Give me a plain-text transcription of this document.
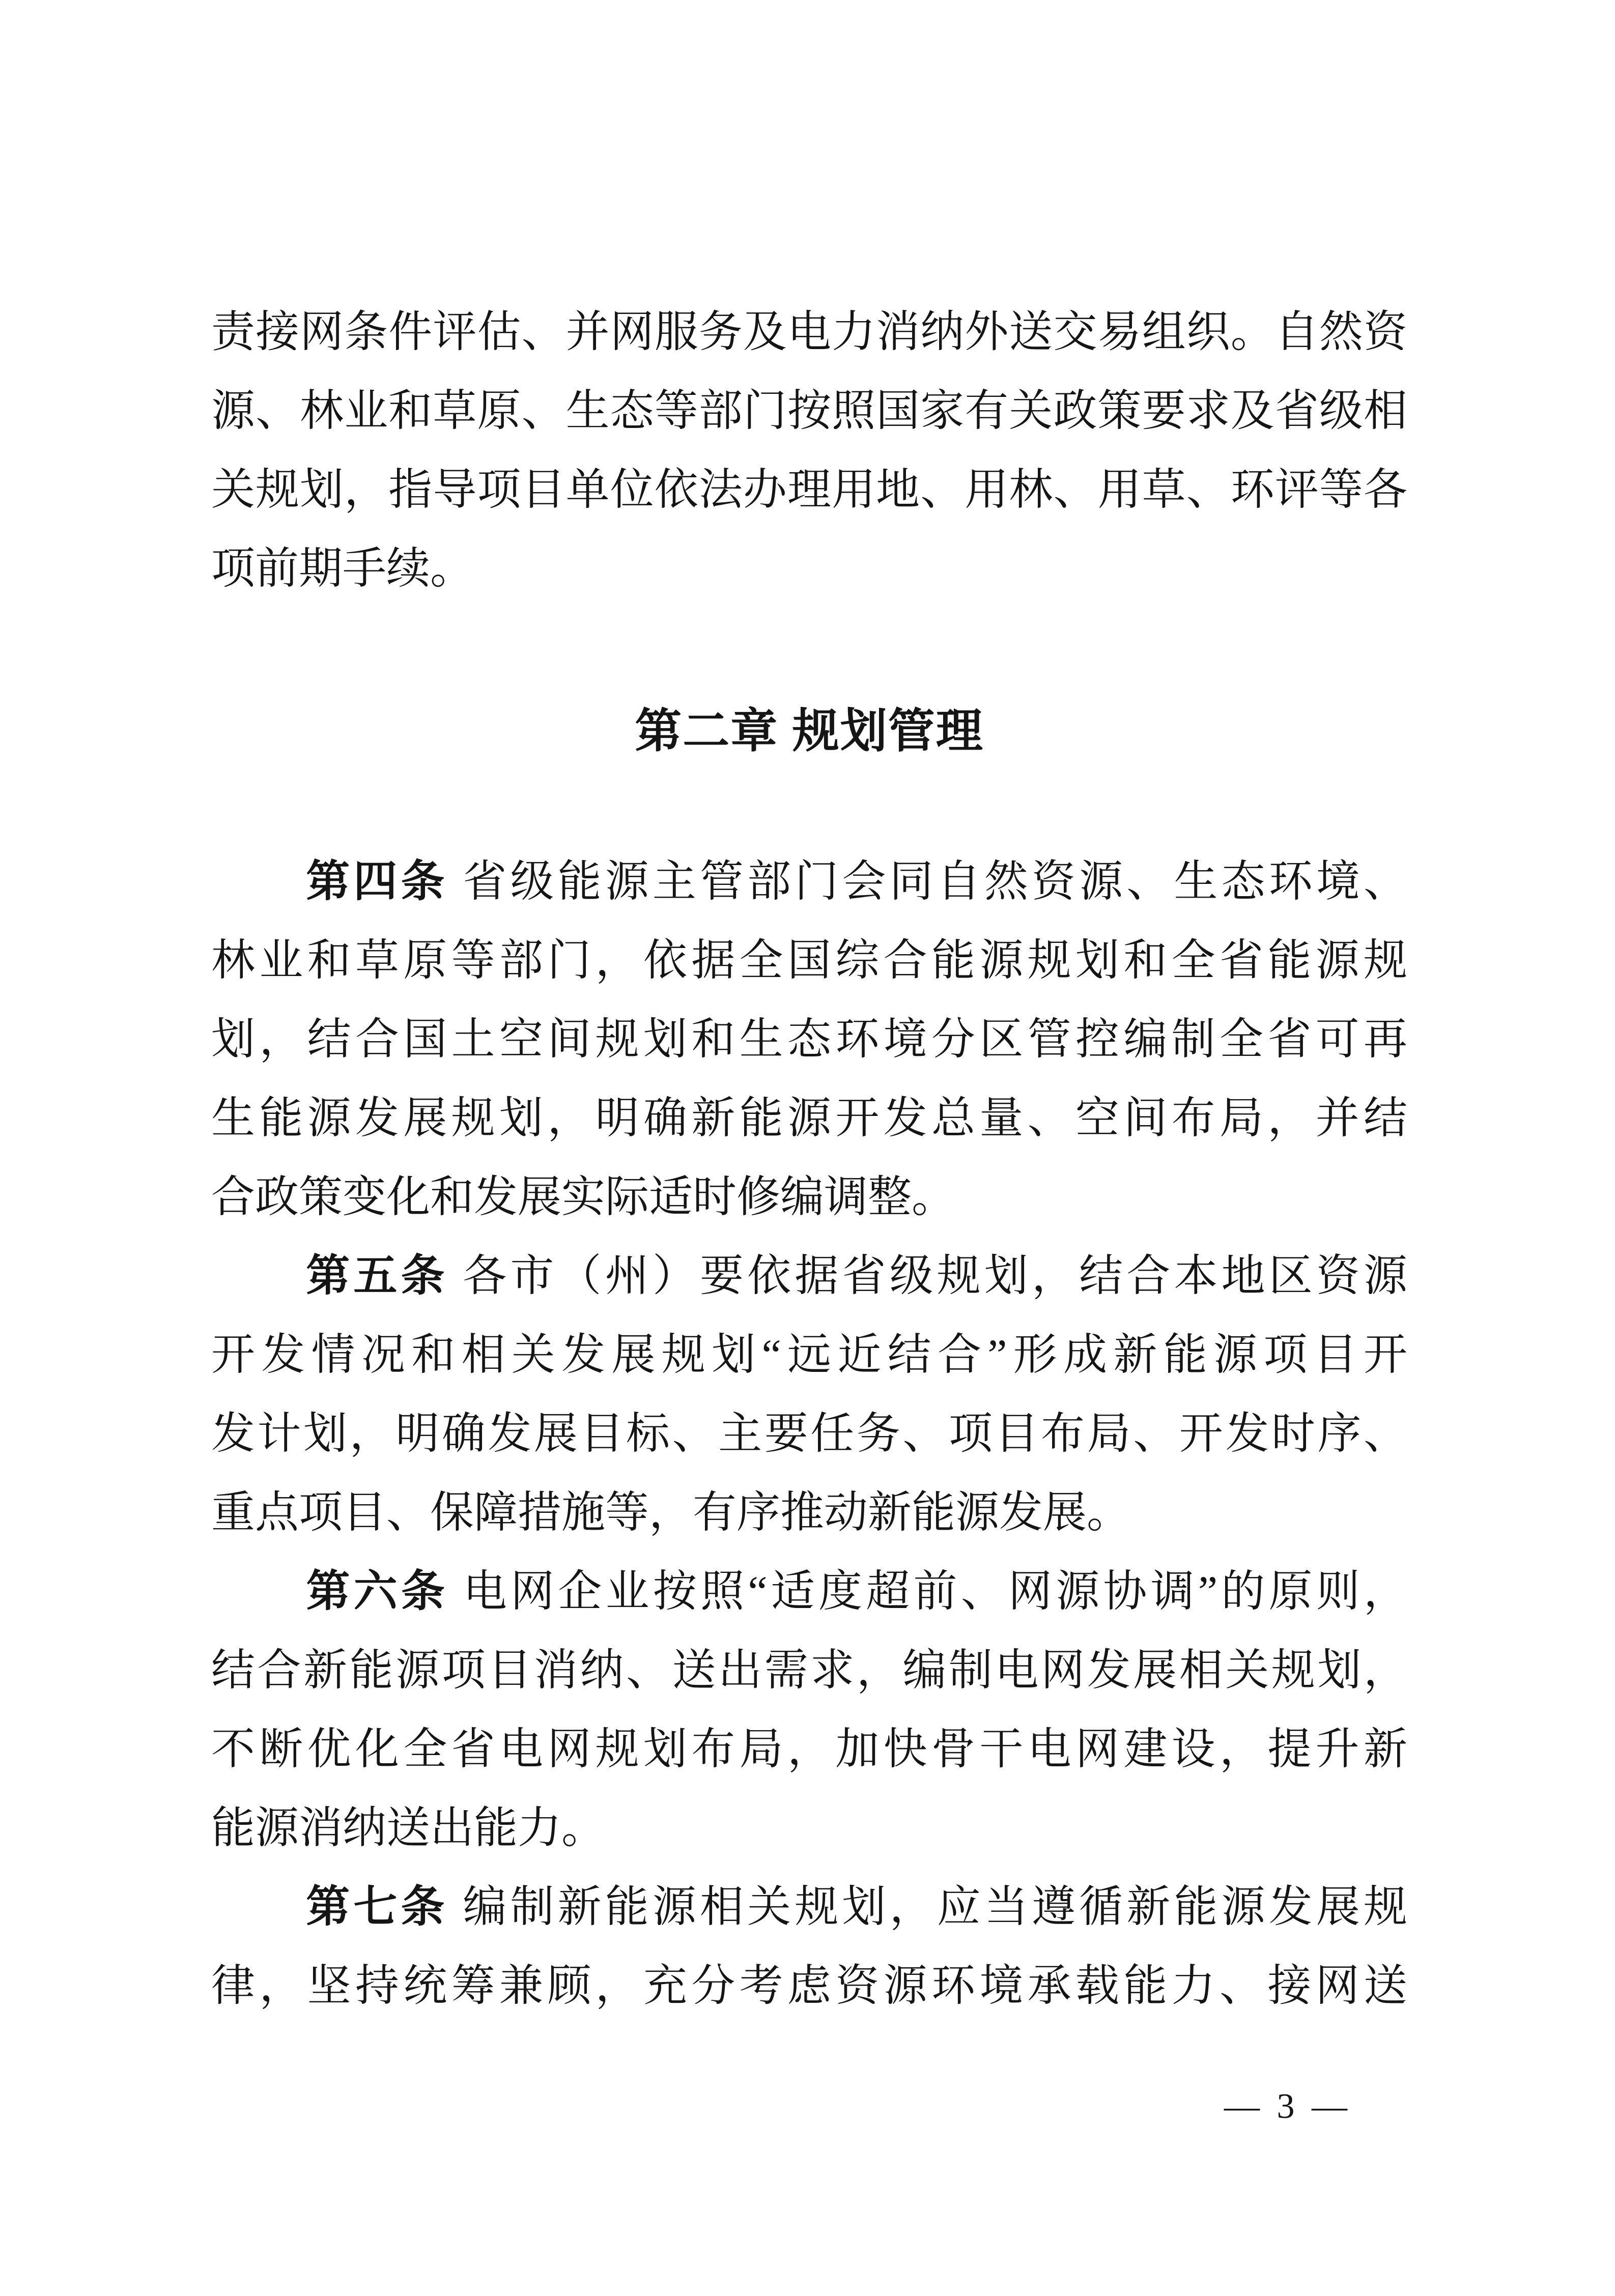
责接网条件评估、并网服务及电力消纳外送交易组织。自然资
源、林业和草原、生态等部门按照国家有关政策要求及省级相
关规划，指导项目单位依法办理用地、用林、用草、环评等各
项前期手续。
第二章 规划管理
　　第四条 省级能源主管部门会同自然资源、生态环境、
林业和草原等部门，依据全国综合能源规划和全省能源规
划，结合国土空间规划和生态环境分区管控编制全省可再
生能源发展规划，明确新能源开发总量、空间布局，并结
合政策变化和发展实际适时修编调整。
　　第五条 各市（州）要依据省级规划，结合本地区资源
开发情况和相关发展规划“远近结合”形成新能源项目开
发计划，明确发展目标、主要任务、项目布局、开发时序、
重点项目、保障措施等，有序推动新能源发展。
　　第六条 电网企业按照“适度超前、网源协调”的原则，
结合新能源项目消纳、送出需求，编制电网发展相关规划，
不断优化全省电网规划布局，加快骨干电网建设，提升新
能源消纳送出能力。
　　第七条 编制新能源相关规划，应当遵循新能源发展规
律，坚持统筹兼顾，充分考虑资源环境承载能力、接网送
— 3 —
